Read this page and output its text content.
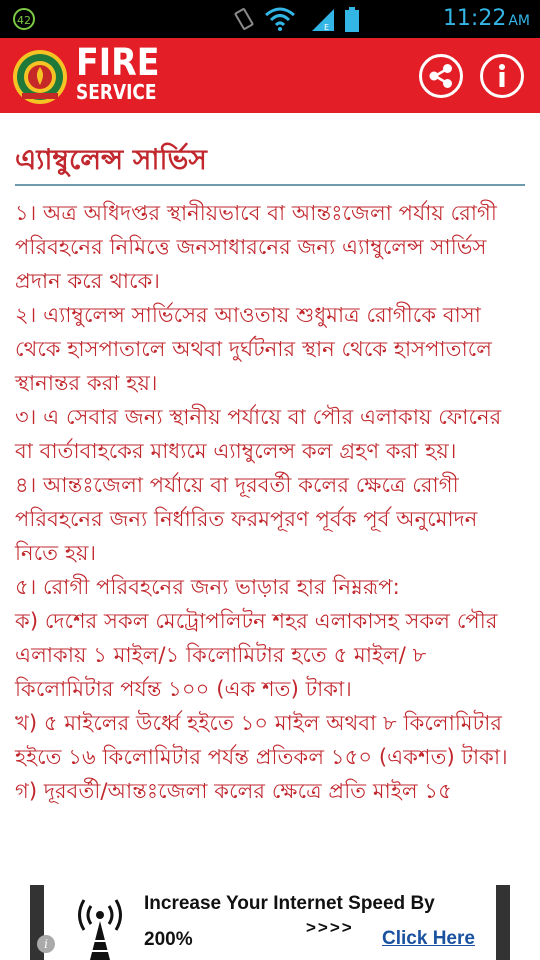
42
E	11:22 AM
FIRE
SERVICE
এ্যাম্বুলেন্স সার্ভিস

১। অত্র অধিদপ্তর স্থানীয়ভাবে বা আন্তঃজেলা পর্যায় রোগী পরিবহনের নিমিত্তে জনসাধারনের জন্য এ্যাম্বুলেন্স সার্ভিস প্রদান করে থাকে।

২। এ্যাম্বুলেন্স সার্ভিসের আওতায় শুধুমাত্র রোগীকে বাসা থেকে হাসপাতালে অথবা দুর্ঘটনার স্থান থেকে হাসপাতালে স্থানান্তর করা হয়।

৩। এ সেবার জন্য স্থানীয় পর্যায়ে বা পৌর এলাকায় ফোনের বা বার্তাবাহকের মাধ্যমে এ্যাম্বুলেন্স কল গ্রহণ করা হয়।

৪। আন্তঃজেলা পর্যায়ে বা দূরবর্তী কলের ক্ষেত্রে রোগী পরিবহনের জন্য নির্ধারিত ফরমপূরণ পূর্বক পূর্ব অনুমোদন নিতে হয়।

৫। রোগী পরিবহনের জন্য ভাড়ার হার নিম্নরূপ:

ক) দেশের সকল মেট্রোপলিটন শহর এলাকাসহ সকল পৌর এলাকায় ১ মাইল/১ কিলোমিটার হতে ৫ মাইল/ ৮ কিলোমিটার পর্যন্ত ১০০ (এক শত) টাকা।

খ) ৫ মাইলের উর্ধ্বে হইতে ১০ মাইল অথবা ৮ কিলোমিটার হইতে ১৬ কিলোমিটার পর্যন্ত প্রতিকল ১৫০ (একশত) টাকা।

গ) দূরবর্তী/আন্তঃজেলা কলের ক্ষেত্রে প্রতি মাইল ১৫

Increase Your Internet Speed By
>>>>
200%	Click Here
i
